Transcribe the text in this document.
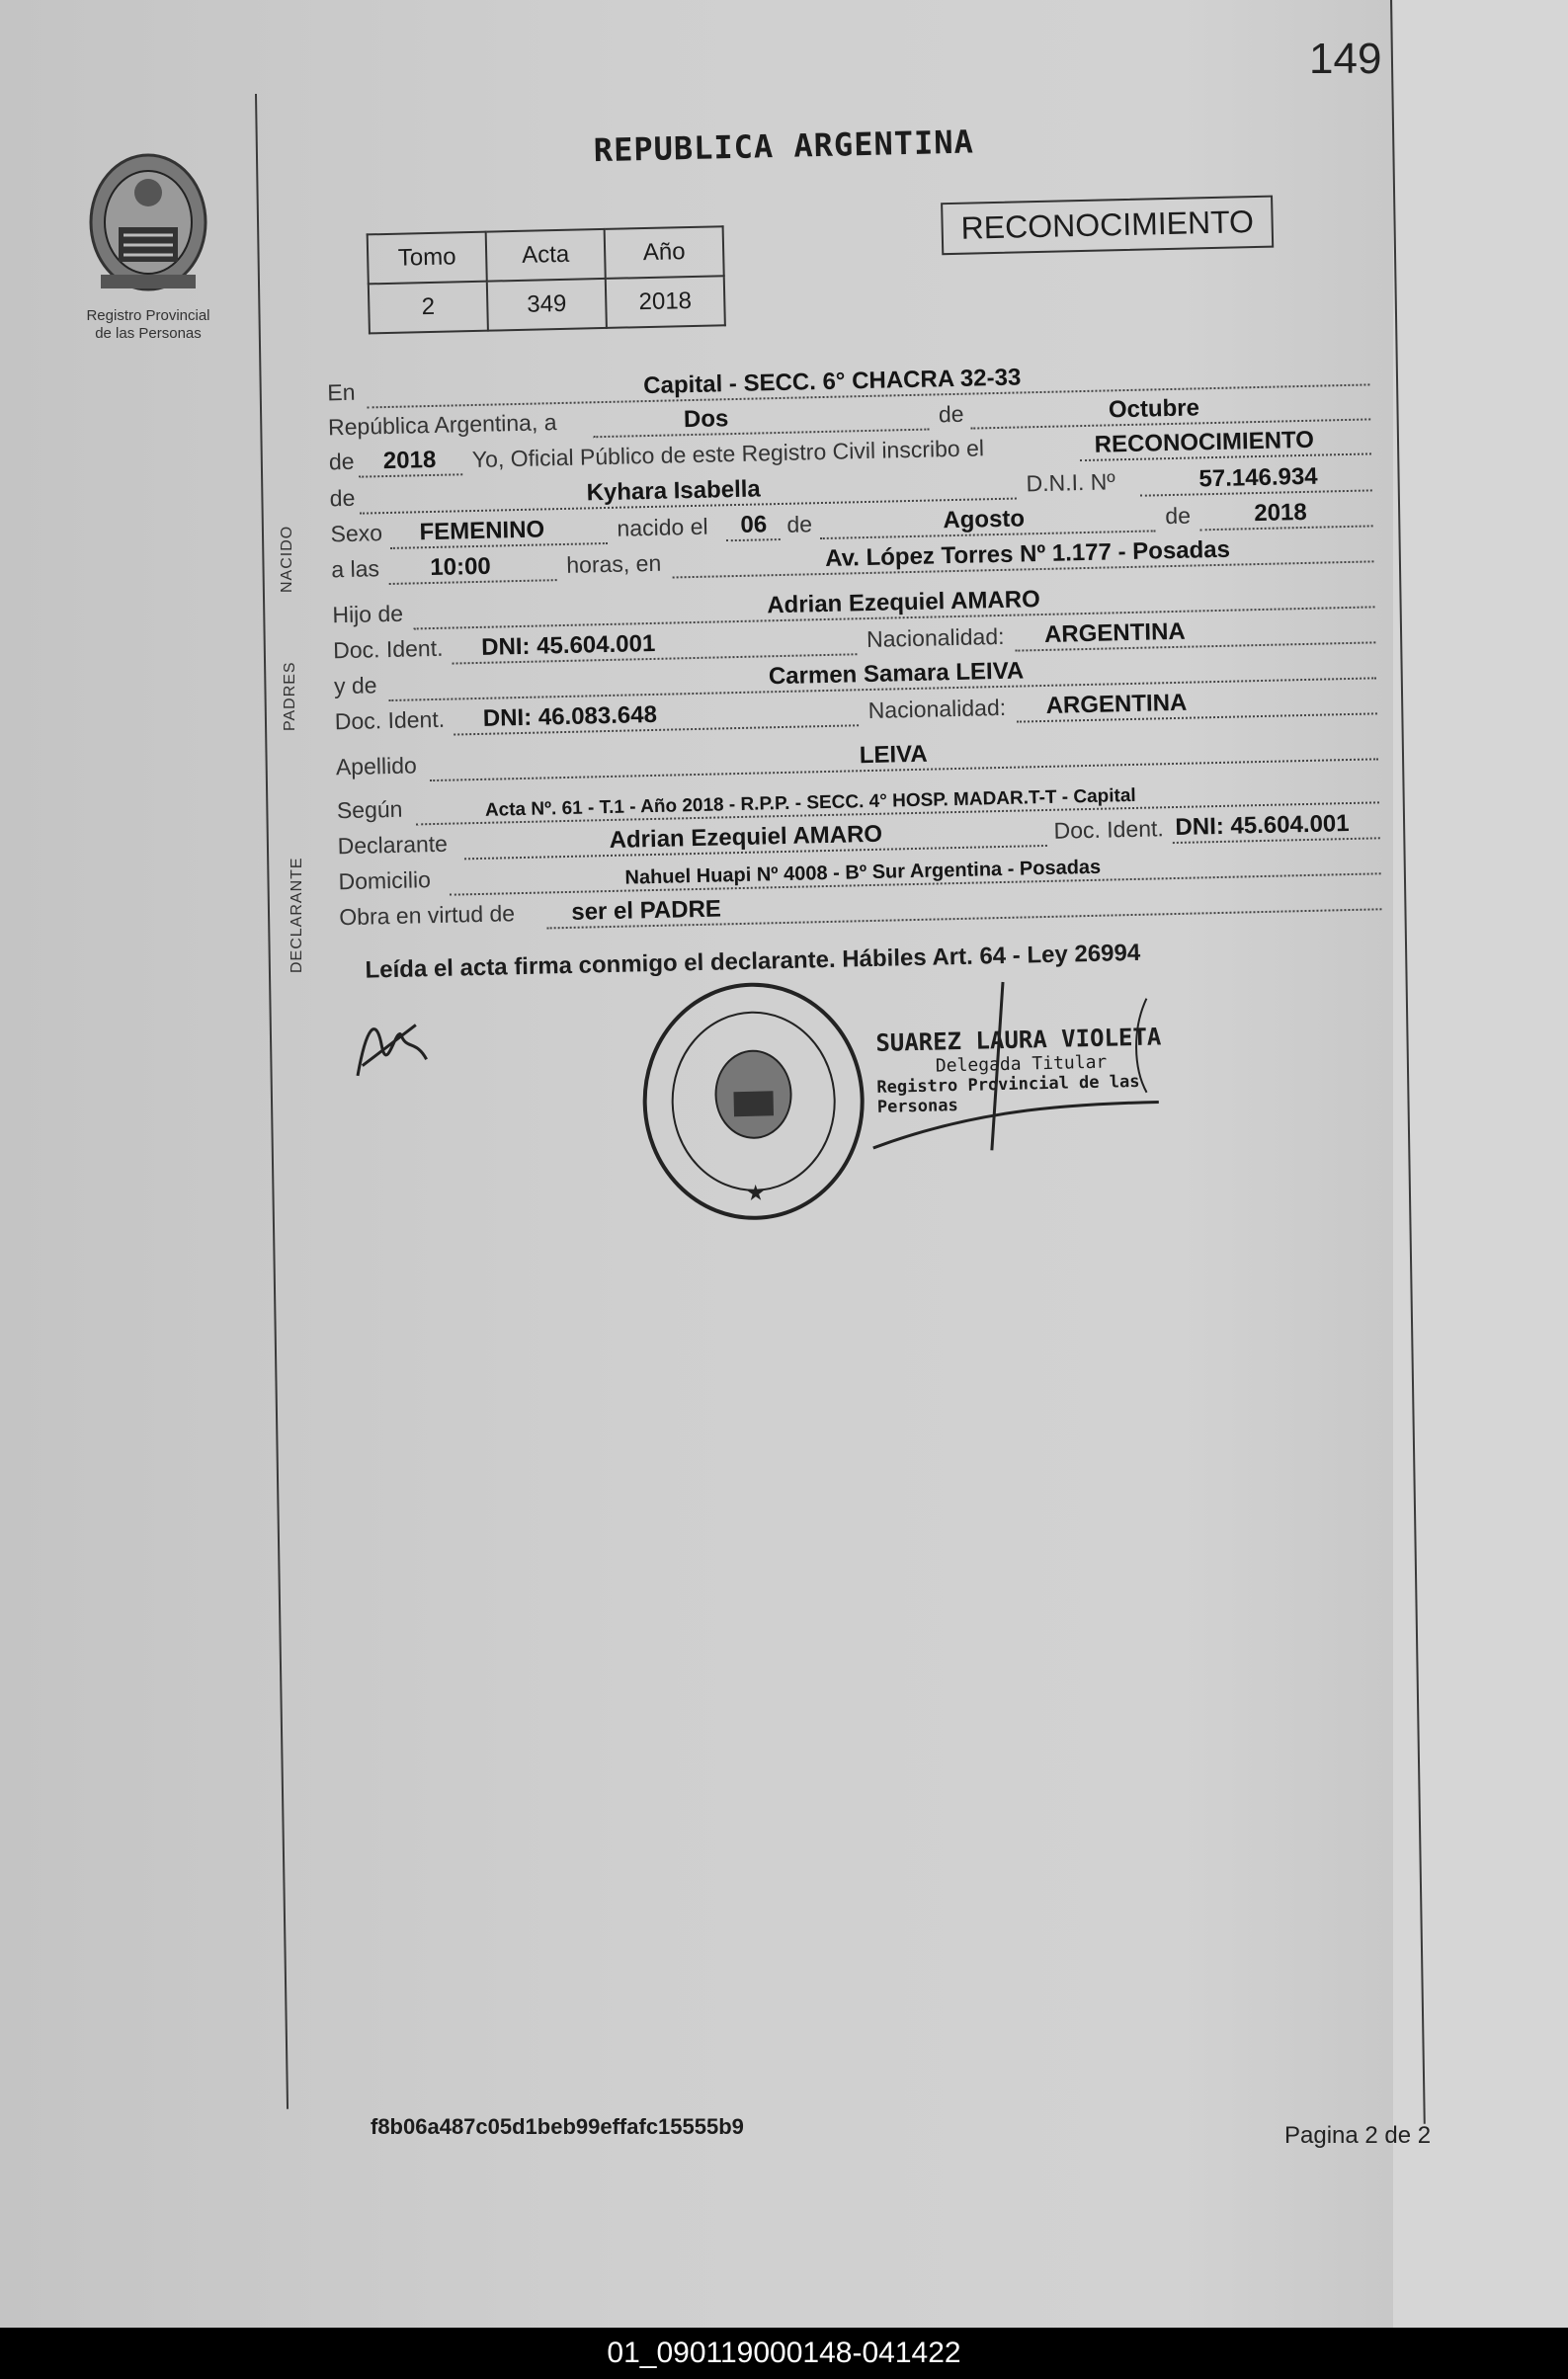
149
Registro Provincial
de las Personas
REPUBLICA ARGENTINA
Tomo	Acta	Año
2	349	2018
RECONOCIMIENTO
En	Capital - SECC. 6° CHACRA 32-33
República Argentina, a	Dos	de	Octubre
de 2018 Yo, Oficial Público de este Registro Civil inscribo el	RECONOCIMIENTO
de	Kyhara Isabella	D.N.I. Nº	57.146.934
Sexo FEMENINO	nacido el 06 de	Agosto	de	2018
a las 10:00	horas, en	Av. López Torres Nº 1.177 - Posadas
Hijo de	Adrian Ezequiel AMARO
Doc. Ident. DNI: 45.604.001	Nacionalidad: ARGENTINA
y de	Carmen Samara LEIVA
Doc. Ident. DNI: 46.083.648	Nacionalidad: ARGENTINA
Apellido	LEIVA
Según	Acta Nº. 61 - T.1 - Año 2018 - R.P.P. - SECC. 4° HOSP. MADAR.T-T - Capital
Declarante	Adrian Ezequiel AMARO	Doc. Ident. DNI: 45.604.001
Domicilio	Nahuel Huapi Nº 4008 - Bº Sur Argentina - Posadas
Obra en virtud de ser el PADRE
Leída el acta firma conmigo el declarante. Hábiles Art. 64 - Ley 26994
★
SUAREZ LAURA VIOLETA
Delegada Titular
Registro Provincial de las Personas
NACIDO
PADRES
DECLARANTE
f8b06a487c05d1beb99effafc15555b9	Pagina 2 de 2
01_090119000148-041422
